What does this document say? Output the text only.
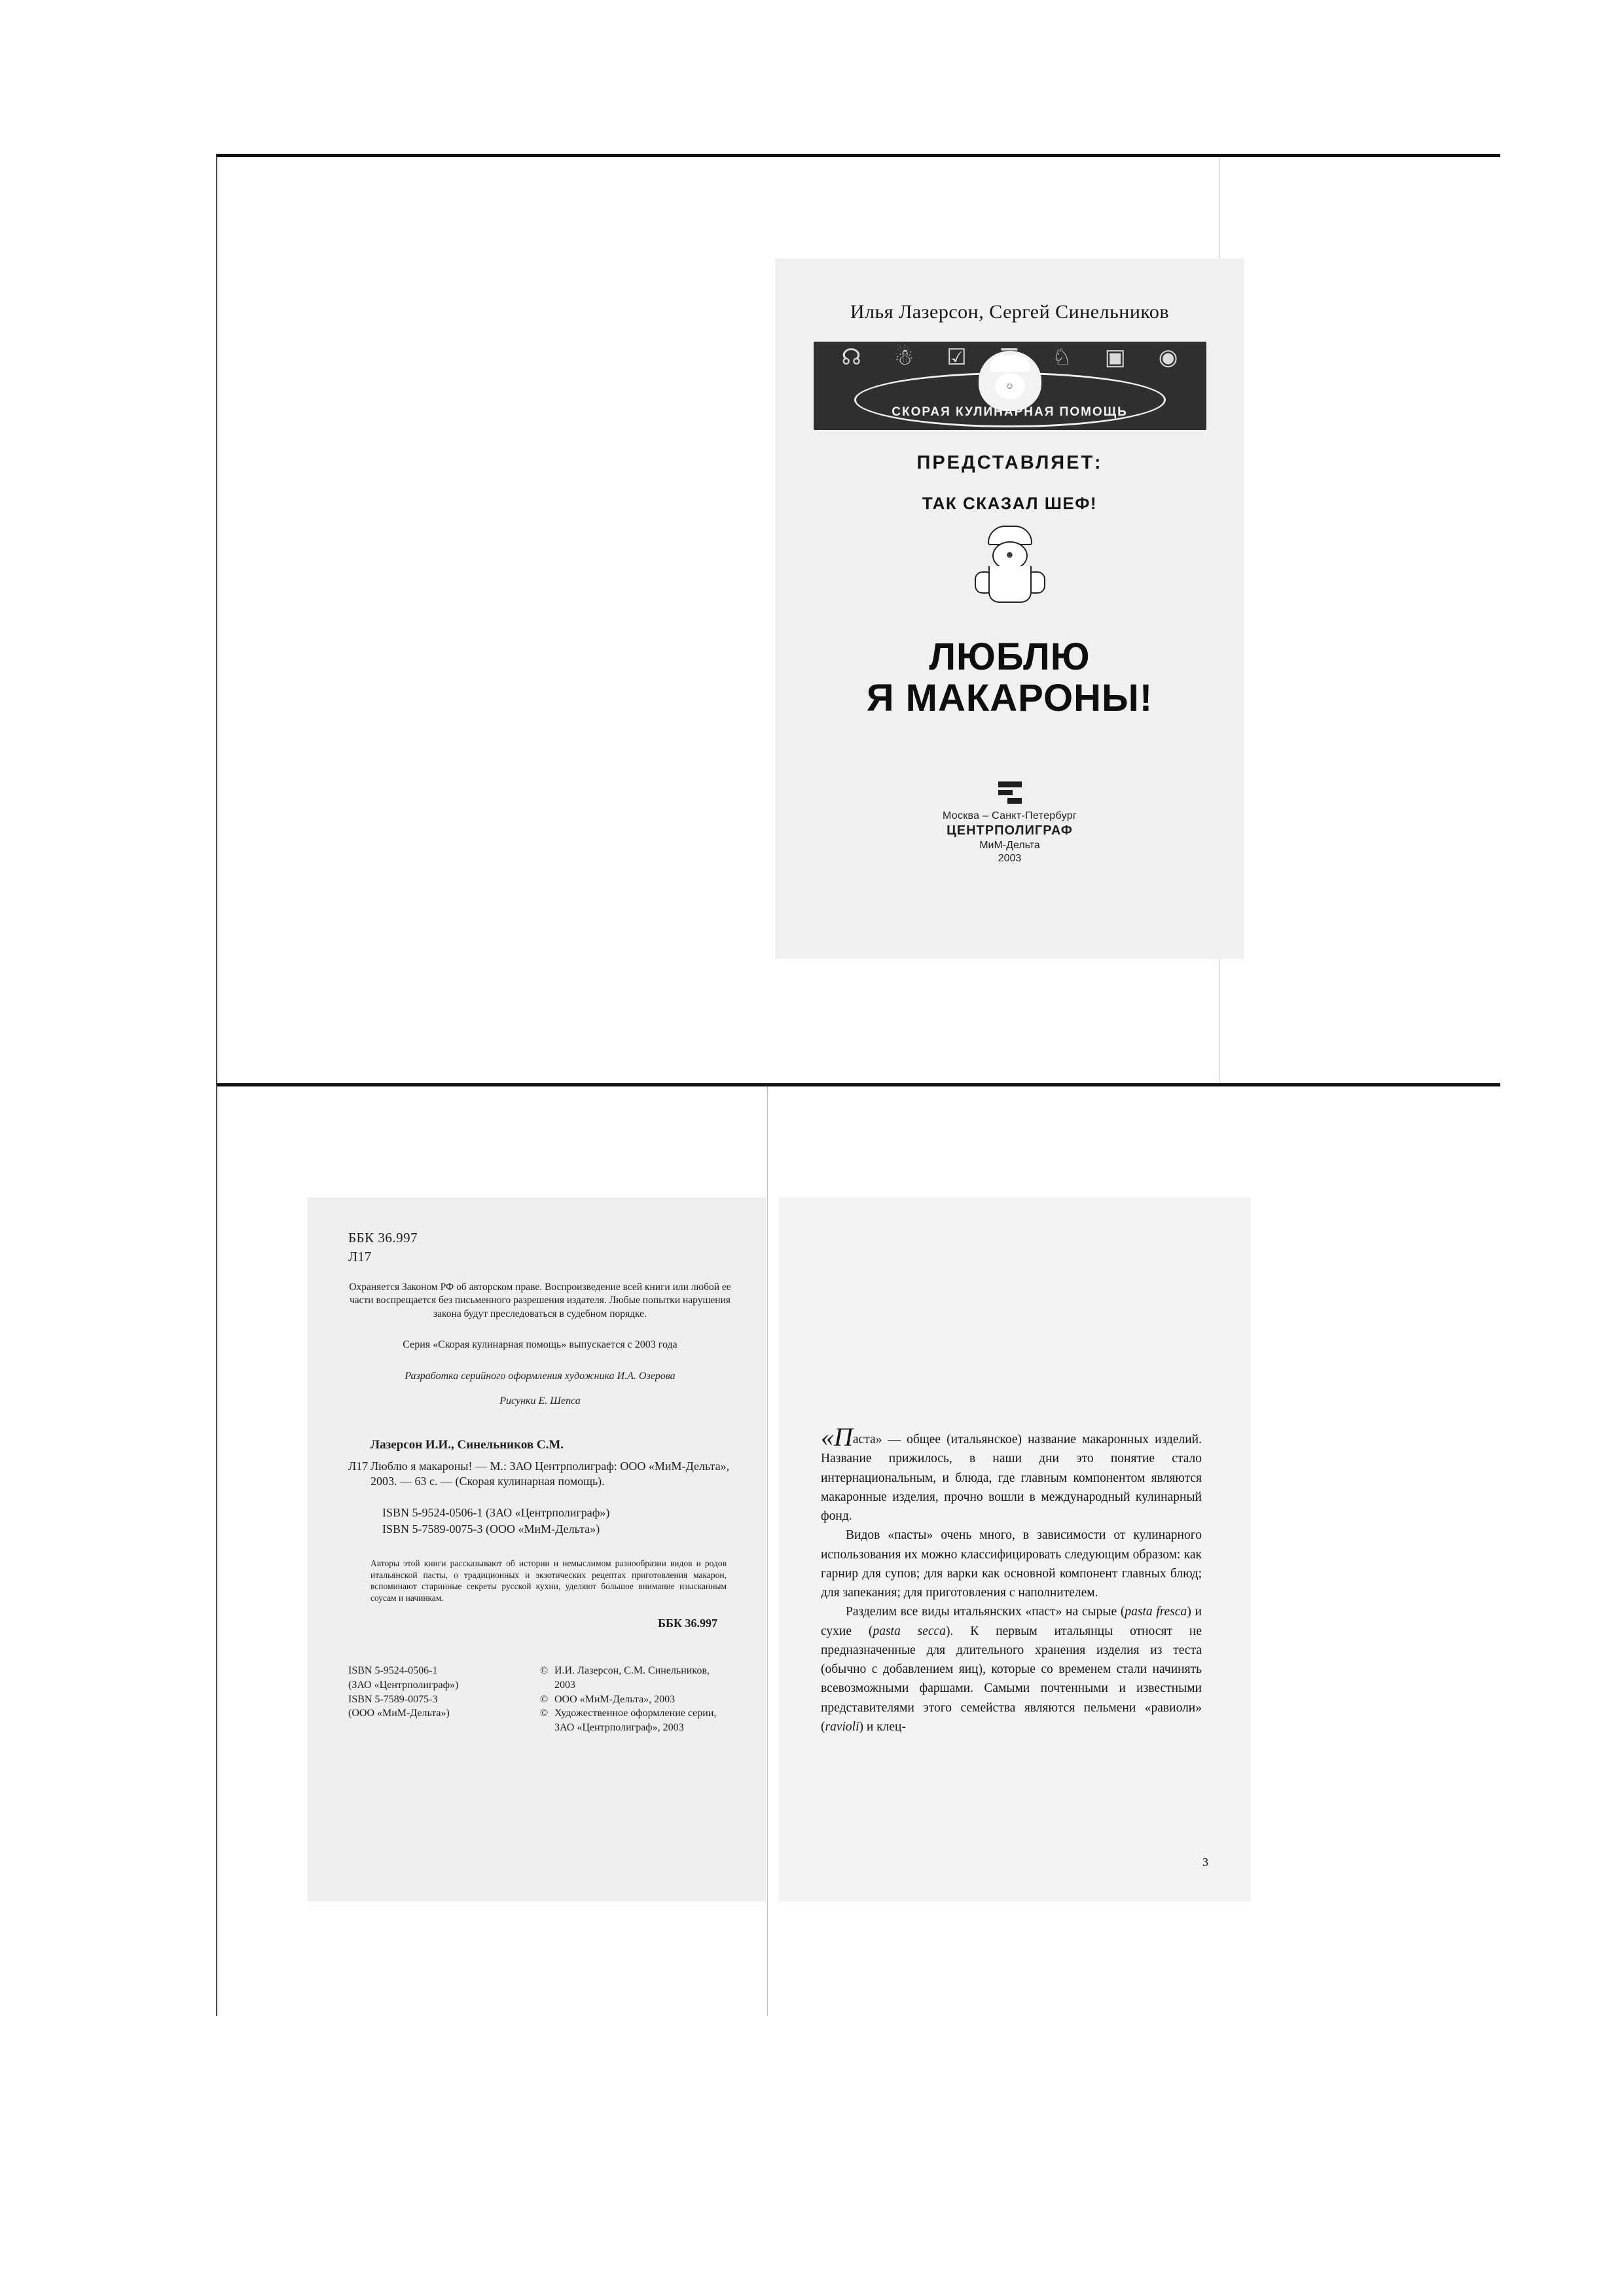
Илья Лазерсон, Сергей Синельников
☊ ☃ ☑	♘ ▣ ◉
☺
СКОРАЯ КУЛИНАРНАЯ ПОМОЩЬ
ПРЕДСТАВЛЯЕТ:
ТАК СКАЗАЛ ШЕФ!
☻
ЛЮБЛЮ
Я МАКАРОНЫ!
Москва – Санкт-Петербург
ЦЕНТРПОЛИГРАФ
МиМ-Дельта
2003
ББК 36.997
Л17
Охраняется Законом РФ об авторском праве. Воспроизведение всей книги или любой ее части воспрещается без письменного разрешения издателя. Любые попытки нарушения закона будут преследоваться в судебном порядке.
Серия «Скорая кулинарная помощь» выпускается с 2003 года
Разработка серийного оформления художника И.А. Озерова
Рисунки Е. Шепса
Лазерсон И.И., Синельников С.М.
Л17 Люблю я макароны! — М.: ЗАО Центрполиграф: ООО «МиМ-Дельта», 2003. — 63 с. — (Скорая кулинарная помощь).
ISBN 5-9524-0506-1 (ЗАО «Центрполиграф»)
ISBN 5-7589-0075-3 (ООО «МиМ-Дельта»)
Авторы этой книги рассказывают об истории и немыслимом разнообразии видов и родов итальянской пасты, о традиционных и экзотических рецептах приготовления макарон, вспоминают старинные секреты русской кухни, уделяют большое внимание изысканным соусам и начинкам.
ББК 36.997
ISBN 5-9524-0506-1
(ЗАО «Центрполиграф»)
ISBN 5-7589-0075-3
(ООО «МиМ-Дельта»)
© И.И. Лазерсон, С.М. Синельников, 2003
© ООО «МиМ-Дельта», 2003
© Художественное оформление серии, ЗАО «Центрполиграф», 2003

«Паста» — общее (итальянское) название макаронных изделий. Название прижилось, в наши дни это понятие стало интернациональным, и блюда, где главным компонентом являются макаронные изделия, прочно вошли в международный кулинарный фонд.

Видов «пасты» очень много, в зависимости от кулинарного использования их можно классифицировать следующим образом: как гарнир для супов; для варки как основной компонент главных блюд; для запекания; для приготовления с наполнителем.

Разделим все виды итальянских «паст» на сырые (pasta fresca) и сухие (pasta secca). К первым итальянцы относят не предназначенные для длительного хранения изделия из теста (обычно с добавлением яиц), которые со временем стали начинять всевозможными фаршами. Самыми почтенными и известными представителями этого семейства являются пельмени «равиоли» (ravioli) и клец-

3
